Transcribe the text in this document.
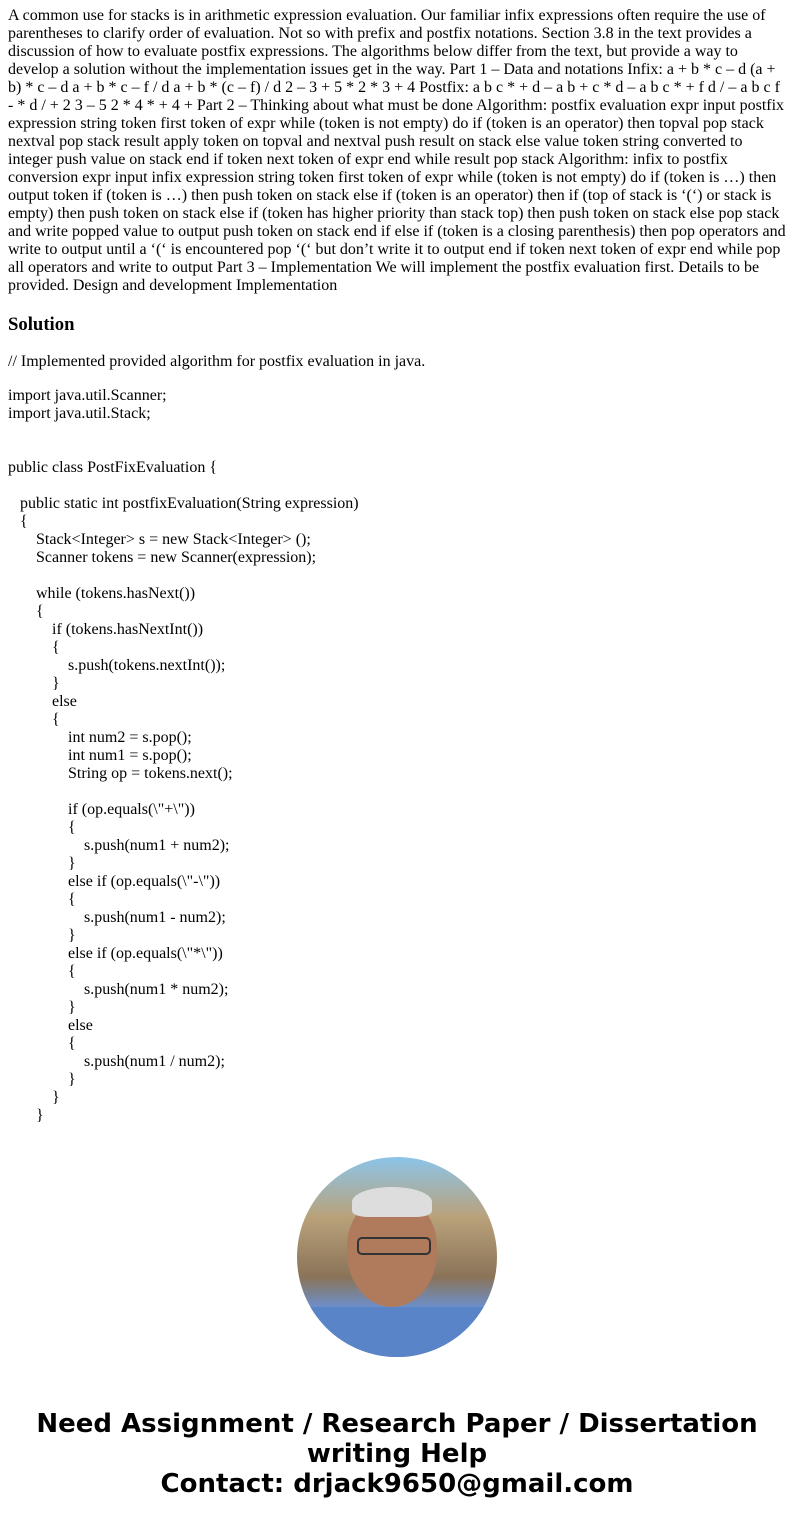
A common use for stacks is in arithmetic expression evaluation. Our familiar infix expressions often require the use of parentheses to clarify order of evaluation. Not so with prefix and postfix notations. Section 3.8 in the text provides a discussion of how to evaluate postfix expressions. The algorithms below differ from the text, but provide a way to develop a solution without the implementation issues get in the way. Part 1 – Data and notations Infix: a + b * c – d (a + b) * c – d a + b * c – f / d a + b * (c – f) / d 2 – 3 + 5 * 2 * 3 + 4 Postfix: a b c * + d – a b + c * d – a b c * + f d / – a b c f - * d / + 2 3 – 5 2 * 4 * + 4 + Part 2 – Thinking about what must be done Algorithm: postfix evaluation expr input postfix expression string token first token of expr while (token is not empty) do if (token is an operator) then topval pop stack nextval pop stack result apply token on topval and nextval push result on stack else value token string converted to integer push value on stack end if token next token of expr end while result pop stack Algorithm: infix to postfix conversion expr input infix expression string token first token of expr while (token is not empty) do if (token is …) then output token if (token is …) then push token on stack else if (token is an operator) then if (top of stack is ‘(‘) or stack is empty) then push token on stack else if (token has higher priority than stack top) then push token on stack else pop stack and write popped value to output push token on stack end if else if (token is a closing parenthesis) then pop operators and write to output until a ‘(‘ is encountered pop ‘(‘ but don’t write it to output end if token next token of expr end while pop all operators and write to output Part 3 – Implementation We will implement the postfix evaluation first. Details to be provided. Design and development Implementation

Solution

// Implemented provided algorithm for postfix evaluation in java.

import java.util.Scanner;
import java.util.Stack;

public class PostFixEvaluation {

public static int postfixEvaluation(String expression)
{
Stack<Integer> s = new Stack<Integer> ();
Scanner tokens = new Scanner(expression);

while (tokens.hasNext())
{
if (tokens.hasNextInt())
{
s.push(tokens.nextInt());
}
else
{
int num2 = s.pop();
int num1 = s.pop();
String op = tokens.next();

if (op.equals(\"+\"))
{
s.push(num1 + num2);
}
else if (op.equals(\"-\"))
{
s.push(num1 - num2);
}
else if (op.equals(\"*\"))
{
s.push(num1 * num2);
}
else
{
s.push(num1 / num2);
}
}
}
Need Assignment / Research Paper / Dissertation writing Help
Contact: drjack9650@gmail.com
